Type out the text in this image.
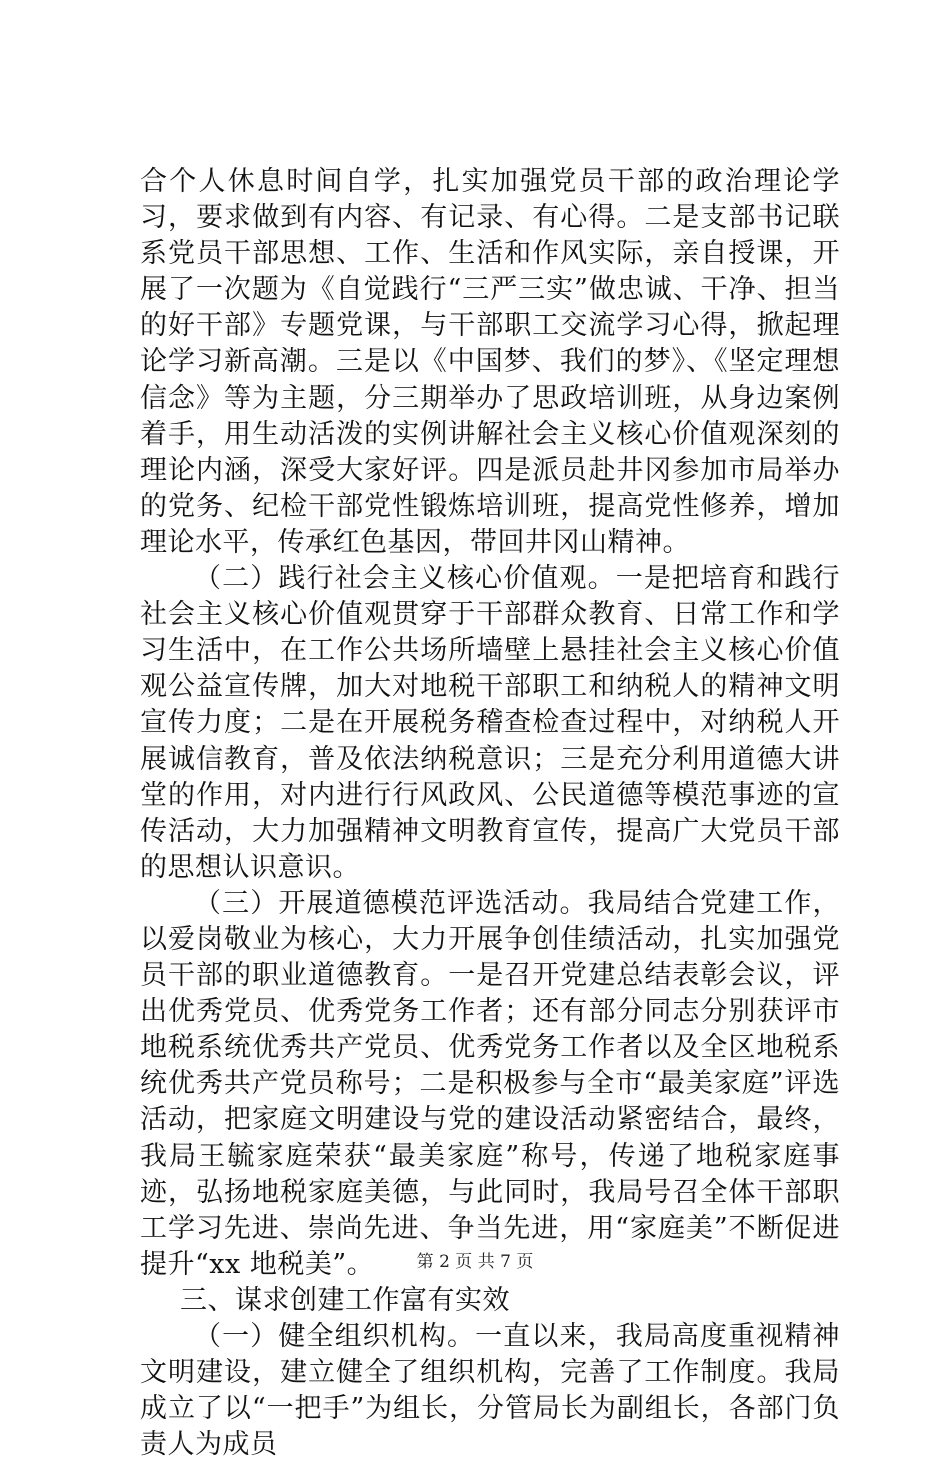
合个人休息时间自学，扎实加强党员干部的政治理论学习，要求做到有内容、有记录、有心得。二是支部书记联系党员干部思想、工作、生活和作风实际，亲自授课，开展了一次题为《自觉践行“三严三实”做忠诚、干净、担当的好干部》专题党课，与干部职工交流学习心得，掀起理论学习新高潮。三是以《中国梦、我们的梦》、《坚定理想信念》等为主题，分三期举办了思政培训班，从身边案例着手，用生动活泼的实例讲解社会主义核心价值观深刻的理论内涵，深受大家好评。四是派员赴井冈参加市局举办的党务、纪检干部党性锻炼培训班，提高党性修养，增加理论水平，传承红色基因，带回井冈山精神。

（二）践行社会主义核心价值观。一是把培育和践行社会主义核心价值观贯穿于干部群众教育、日常工作和学习生活中，在工作公共场所墙壁上悬挂社会主义核心价值观公益宣传牌，加大对地税干部职工和纳税人的精神文明宣传力度；二是在开展税务稽查检查过程中，对纳税人开展诚信教育，普及依法纳税意识；三是充分利用道德大讲堂的作用，对内进行行风政风、公民道德等模范事迹的宣传活动，大力加强精神文明教育宣传，提高广大党员干部的思想认识意识。

（三）开展道德模范评选活动。我局结合党建工作，以爱岗敬业为核心，大力开展争创佳绩活动，扎实加强党员干部的职业道德教育。一是召开党建总结表彰会议，评出优秀党员、优秀党务工作者；还有部分同志分别获评市地税系统优秀共产党员、优秀党务工作者以及全区地税系统优秀共产党员称号；二是积极参与全市“最美家庭”评选活动，把家庭文明建设与党的建设活动紧密结合，最终，我局王毓家庭荣获“最美家庭”称号，传递了地税家庭事迹，弘扬地税家庭美德，与此同时，我局号召全体干部职工学习先进、崇尚先进、争当先进，用“家庭美”不断促进提升“xx 地税美”。

三、谋求创建工作富有实效

（一）健全组织机构。一直以来，我局高度重视精神文明建设，建立健全了组织机构，完善了工作制度。我局成立了以“一把手”为组长，分管局长为副组长，各部门负责人为成员

第 2 页 共 7 页
